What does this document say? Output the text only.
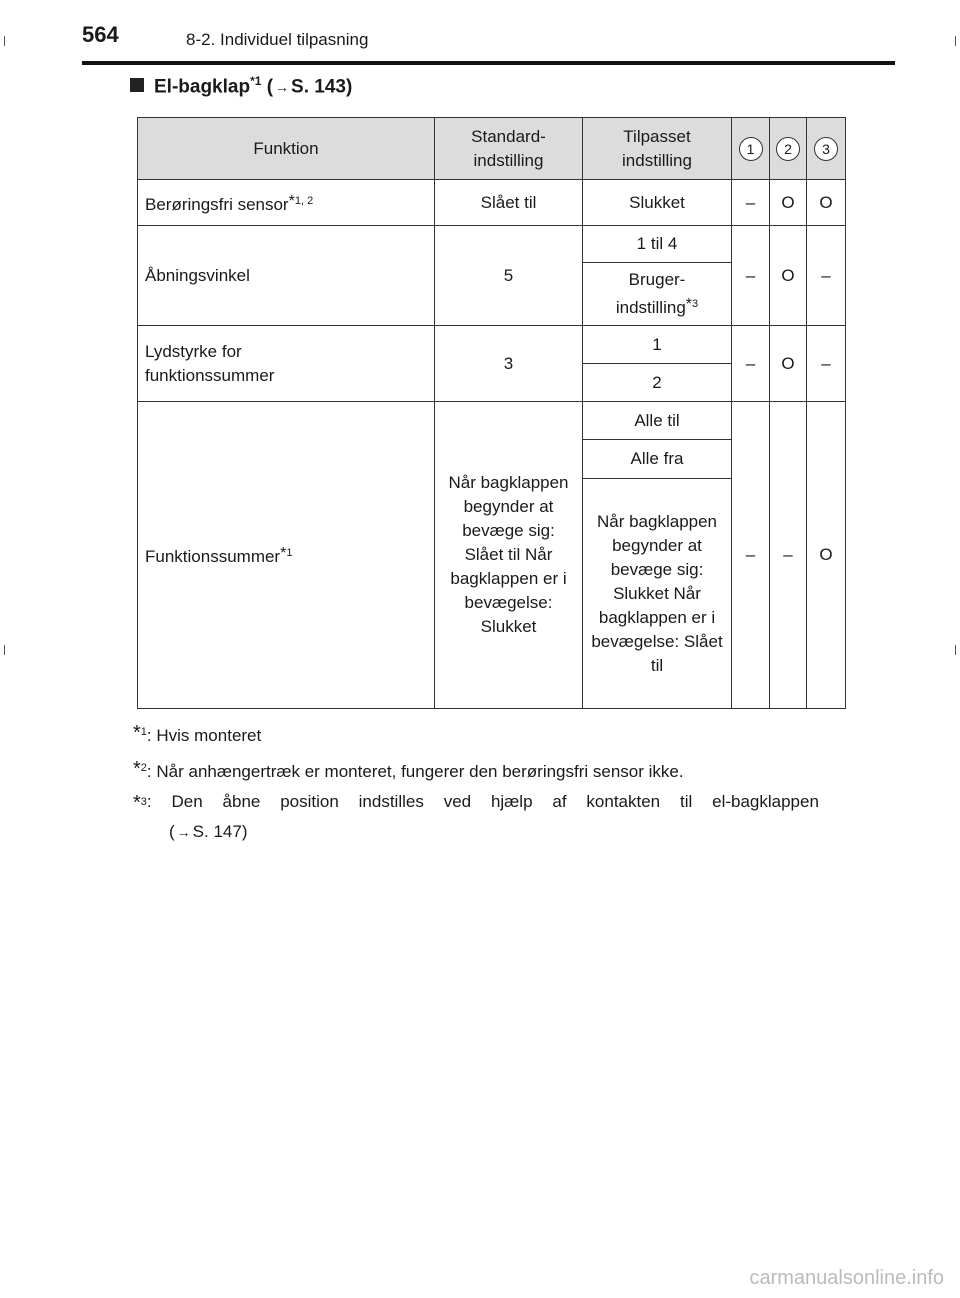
564	8-2. Individuel tilpasning
El-bagklap$^{*1}$ ( → S. 143)
Funktion	Standard-indstilling	Tilpasset indstilling	1	2	3
Berøringsfri sensor*$^{1, 2}$	Slået til	Slukket	–	O	O
Åbningsvinkel	5	1 til 4	–	O	–

		Bruger-indstilling*$^3$

Lydstyrke for funktionssummer	3	1	–	O	–
		2			
Funktionssummer*$^1$	Når bagklappen begynder at bevæge sig: Slået til Når bagklappen er i bevægelse: Slukket	Alle til	–	–	O
		Alle fra			

		Når bagklappen begynder at bevæge sig: Slukket Når bagklappen er i bevægelse: Slået til			
*$^1$: Hvis monteret
*$^2$: Når anhængertræk er monteret, fungerer den berøringsfri sensor ikke.
*$^3$: Den åbne position indstilles ved hjælp af kontakten til el-bagklappen
( → S. 147)
carmanualsonline.info
